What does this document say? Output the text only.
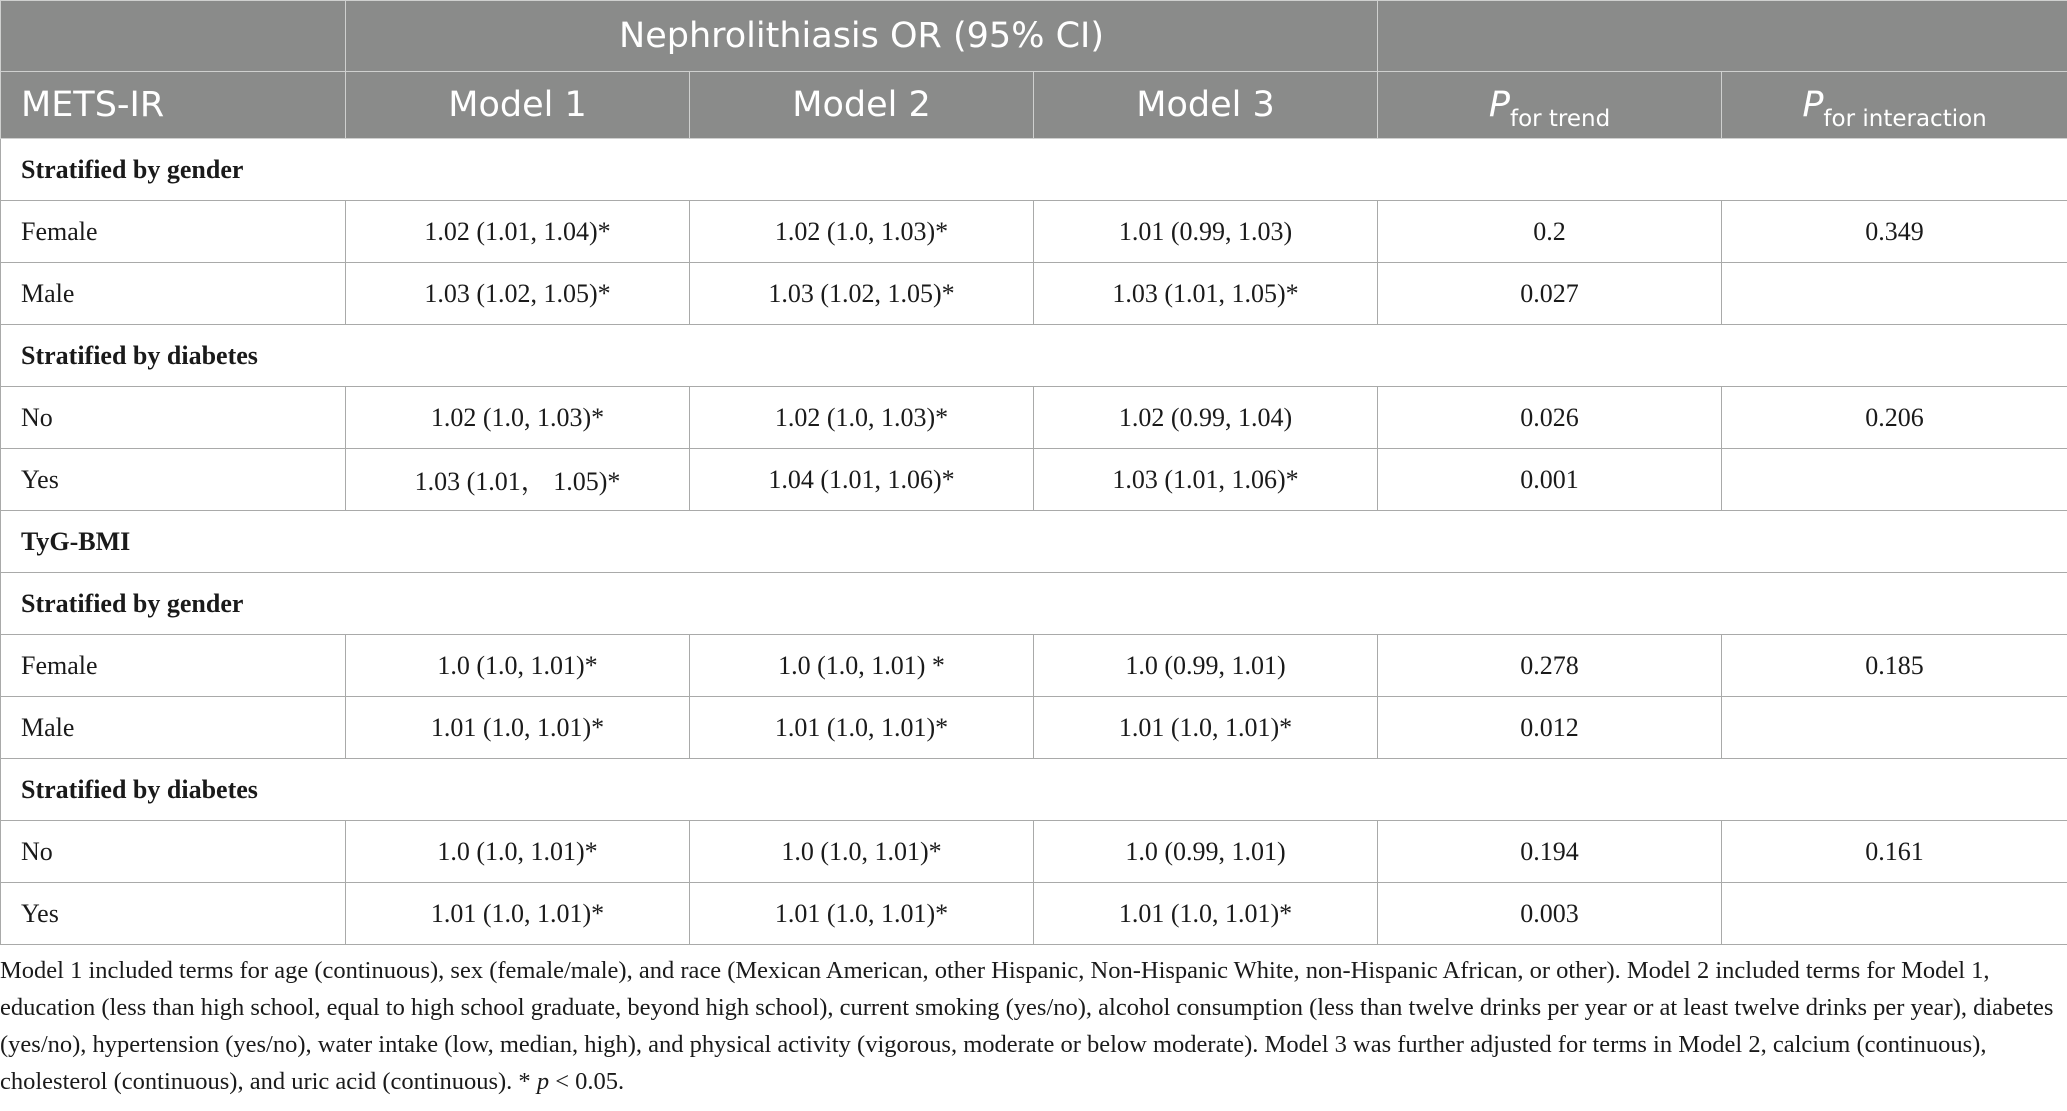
	Nephrolithiasis OR (95% CI)				
METS-IR	Model 1	Model 2	Model 3	$P_{for trend}$	$P_{for interaction}$
Stratified by gender					
Female	1.02 (1.01, 1.04)*	1.02 (1.0, 1.03)*	1.01 (0.99, 1.03)	0.2	0.349
Male	1.03 (1.02, 1.05)*	1.03 (1.02, 1.05)*	1.03 (1.01, 1.05)*	0.027	
Stratified by diabetes					
No	1.02 (1.0, 1.03)*	1.02 (1.0, 1.03)*	1.02 (0.99, 1.04)	0.026	0.206
Yes	1.03 (1.01， 1.05)*	1.04 (1.01, 1.06)*	1.03 (1.01, 1.06)*	0.001	
TyG-BMI					
Stratified by gender					
Female	1.0 (1.0, 1.01)*	1.0 (1.0, 1.01) *	1.0 (0.99, 1.01)	0.278	0.185
Male	1.01 (1.0, 1.01)*	1.01 (1.0, 1.01)*	1.01 (1.0, 1.01)*	0.012	
Stratified by diabetes					
No	1.0 (1.0, 1.01)*	1.0 (1.0, 1.01)*	1.0 (0.99, 1.01)	0.194	0.161
Yes	1.01 (1.0, 1.01)*	1.01 (1.0, 1.01)*	1.01 (1.0, 1.01)*	0.003	
Model 1 included terms for age (continuous), sex (female/male), and race (Mexican American, other Hispanic, Non-Hispanic White, non-Hispanic African, or other). Model 2 included terms for Model 1, education (less than high school, equal to high school graduate, beyond high school), current smoking (yes/no), alcohol consumption (less than twelve drinks per year or at least twelve drinks per year), diabetes (yes/no), hypertension (yes/no), water intake (low, median, high), and physical activity (vigorous, moderate or below moderate). Model 3 was further adjusted for terms in Model 2, calcium (continuous), cholesterol (continuous), and uric acid (continuous). * p < 0.05.
